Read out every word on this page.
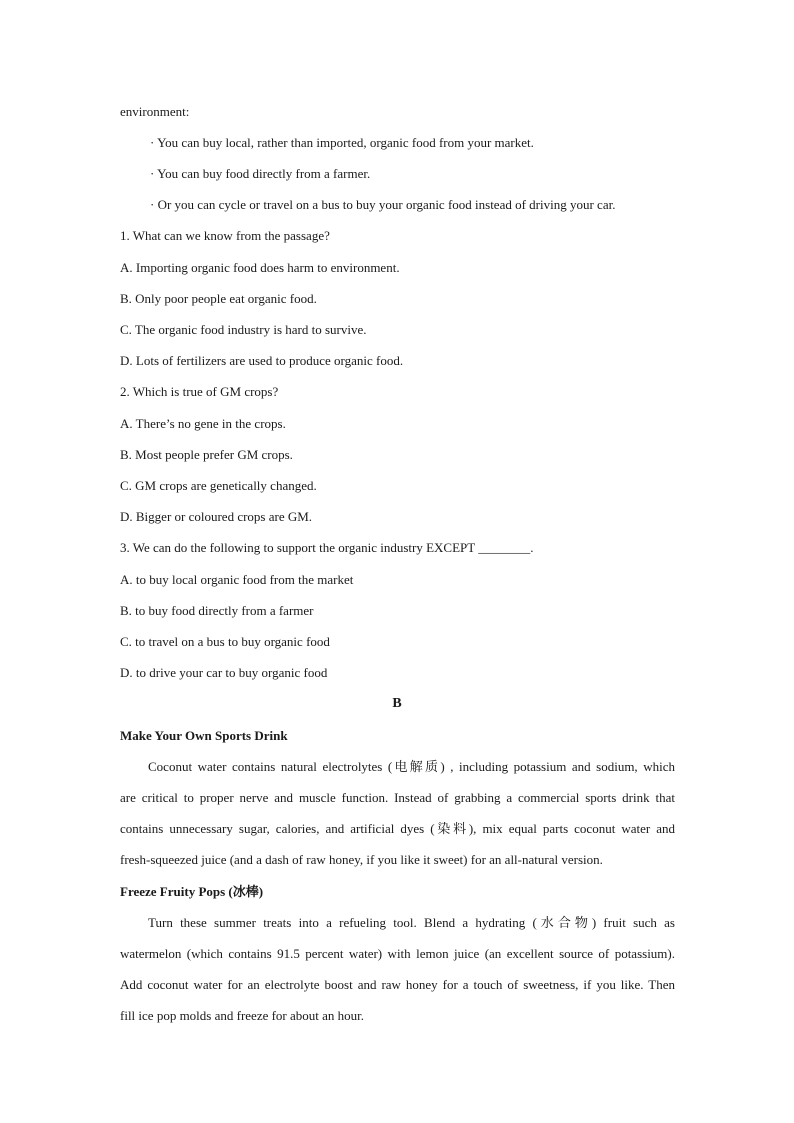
environment:
· You can buy local, rather than imported, organic food from your market.
· You can buy food directly from a farmer.
· Or you can cycle or travel on a bus to buy your organic food instead of driving your car.
1. What can we know from the passage?
A. Importing organic food does harm to environment.
B. Only poor people eat organic food.
C. The organic food industry is hard to survive.
D. Lots of fertilizers are used to produce organic food.
2. Which is true of GM crops?
A. There’s no gene in the crops.
B. Most people prefer GM crops.
C. GM crops are genetically changed.
D. Bigger or coloured crops are GM.
3. We can do the following to support the organic industry EXCEPT ________.
A. to buy local organic food from the market
B. to buy food directly from a farmer
C. to travel on a bus to buy organic food
D. to drive your car to buy organic food
B
Make Your Own Sports Drink
Coconut water contains natural electrolytes (电解质) , including potassium and sodium, which
are critical to proper nerve and muscle function. Instead of grabbing a commercial sports drink that
contains unnecessary sugar, calories, and artificial dyes (染料), mix equal parts coconut water and
fresh-squeezed juice (and a dash of raw honey, if you like it sweet) for an all-natural version.
Freeze Fruity Pops (冰棒)
Turn these summer treats into a refueling tool. Blend a hydrating (水合物) fruit such as
watermelon (which contains 91.5 percent water) with lemon juice (an excellent source of potassium).
Add coconut water for an electrolyte boost and raw honey for a touch of sweetness, if you like. Then
fill ice pop molds and freeze for about an hour.
